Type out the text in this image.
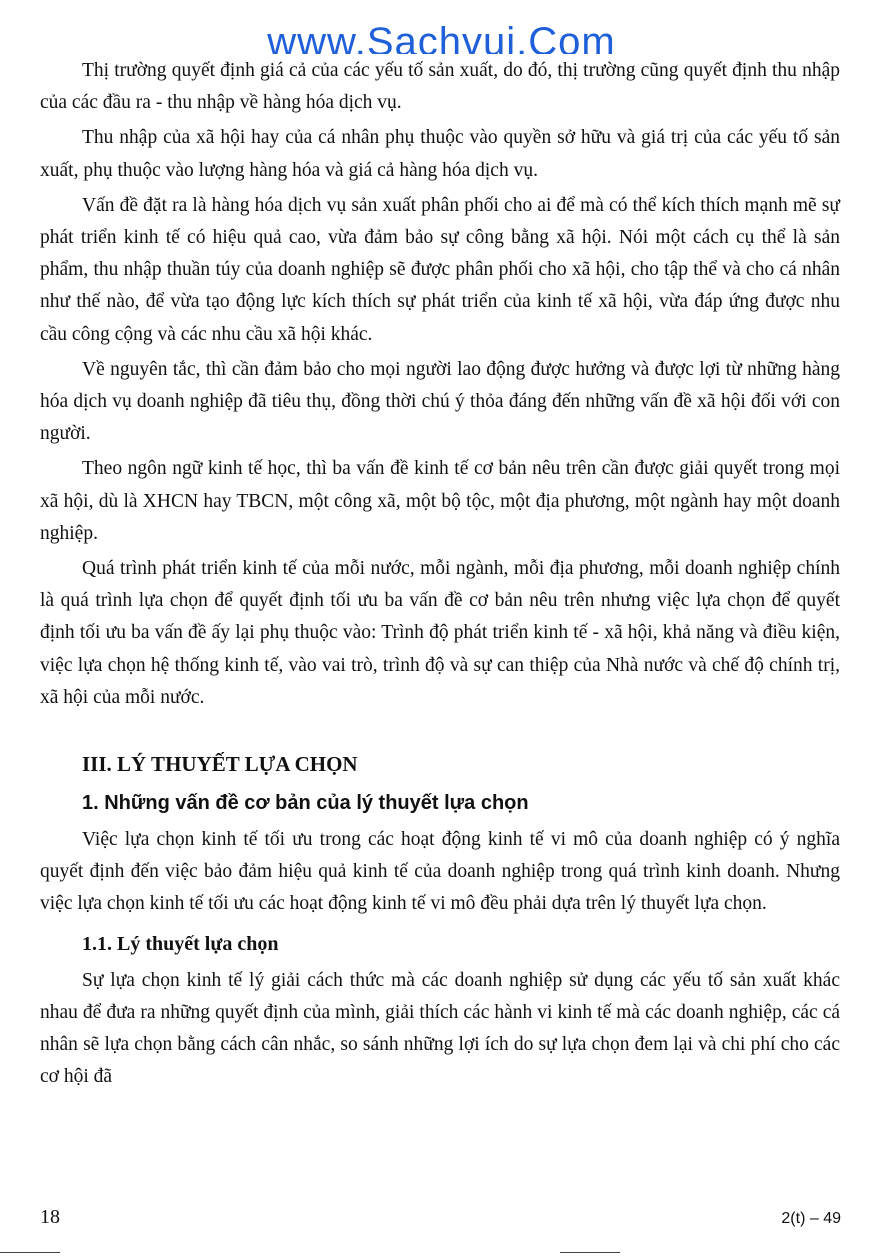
www.Sachvui.Com

Thị trường quyết định giá cả của các yếu tố sản xuất, do đó, thị trường cũng quyết định thu nhập của các đầu ra - thu nhập về hàng hóa dịch vụ.

Thu nhập của xã hội hay của cá nhân phụ thuộc vào quyền sở hữu và giá trị của các yếu tố sản xuất, phụ thuộc vào lượng hàng hóa và giá cả hàng hóa dịch vụ.

Vấn đề đặt ra là hàng hóa dịch vụ sản xuất phân phối cho ai để mà có thể kích thích mạnh mẽ sự phát triển kinh tế có hiệu quả cao, vừa đảm bảo sự công bằng xã hội. Nói một cách cụ thể là sản phẩm, thu nhập thuần túy của doanh nghiệp sẽ được phân phối cho xã hội, cho tập thể và cho cá nhân như thế nào, để vừa tạo động lực kích thích sự phát triển của kinh tế xã hội, vừa đáp ứng được nhu cầu công cộng và các nhu cầu xã hội khác.

Về nguyên tắc, thì cần đảm bảo cho mọi người lao động được hưởng và được lợi từ những hàng hóa dịch vụ doanh nghiệp đã tiêu thụ, đồng thời chú ý thỏa đáng đến những vấn đề xã hội đối với con người.

Theo ngôn ngữ kinh tế học, thì ba vấn đề kinh tế cơ bản nêu trên cần được giải quyết trong mọi xã hội, dù là XHCN hay TBCN, một công xã, một bộ tộc, một địa phương, một ngành hay một doanh nghiệp.

Quá trình phát triển kinh tế của mỗi nước, mỗi ngành, mỗi địa phương, mỗi doanh nghiệp chính là quá trình lựa chọn để quyết định tối ưu ba vấn đề cơ bản nêu trên nhưng việc lựa chọn để quyết định tối ưu ba vấn đề ấy lại phụ thuộc vào: Trình độ phát triển kinh tế - xã hội, khả năng và điều kiện, việc lựa chọn hệ thống kinh tế, vào vai trò, trình độ và sự can thiệp của Nhà nước và chế độ chính trị, xã hội của mỗi nước.

III. LÝ THUYẾT LỰA CHỌN
1. Những vấn đề cơ bản của lý thuyết lựa chọn

Việc lựa chọn kinh tế tối ưu trong các hoạt động kinh tế vi mô của doanh nghiệp có ý nghĩa quyết định đến việc bảo đảm hiệu quả kinh tế của doanh nghiệp trong quá trình kinh doanh. Nhưng việc lựa chọn kinh tế tối ưu các hoạt động kinh tế vi mô đều phải dựa trên lý thuyết lựa chọn.

1.1. Lý thuyết lựa chọn

Sự lựa chọn kinh tế lý giải cách thức mà các doanh nghiệp sử dụng các yếu tố sản xuất khác nhau để đưa ra những quyết định của mình, giải thích các hành vi kinh tế mà các doanh nghiệp, các cá nhân sẽ lựa chọn bằng cách cân nhắc, so sánh những lợi ích do sự lựa chọn đem lại và chi phí cho các cơ hội đã

18	2(t) – 49
